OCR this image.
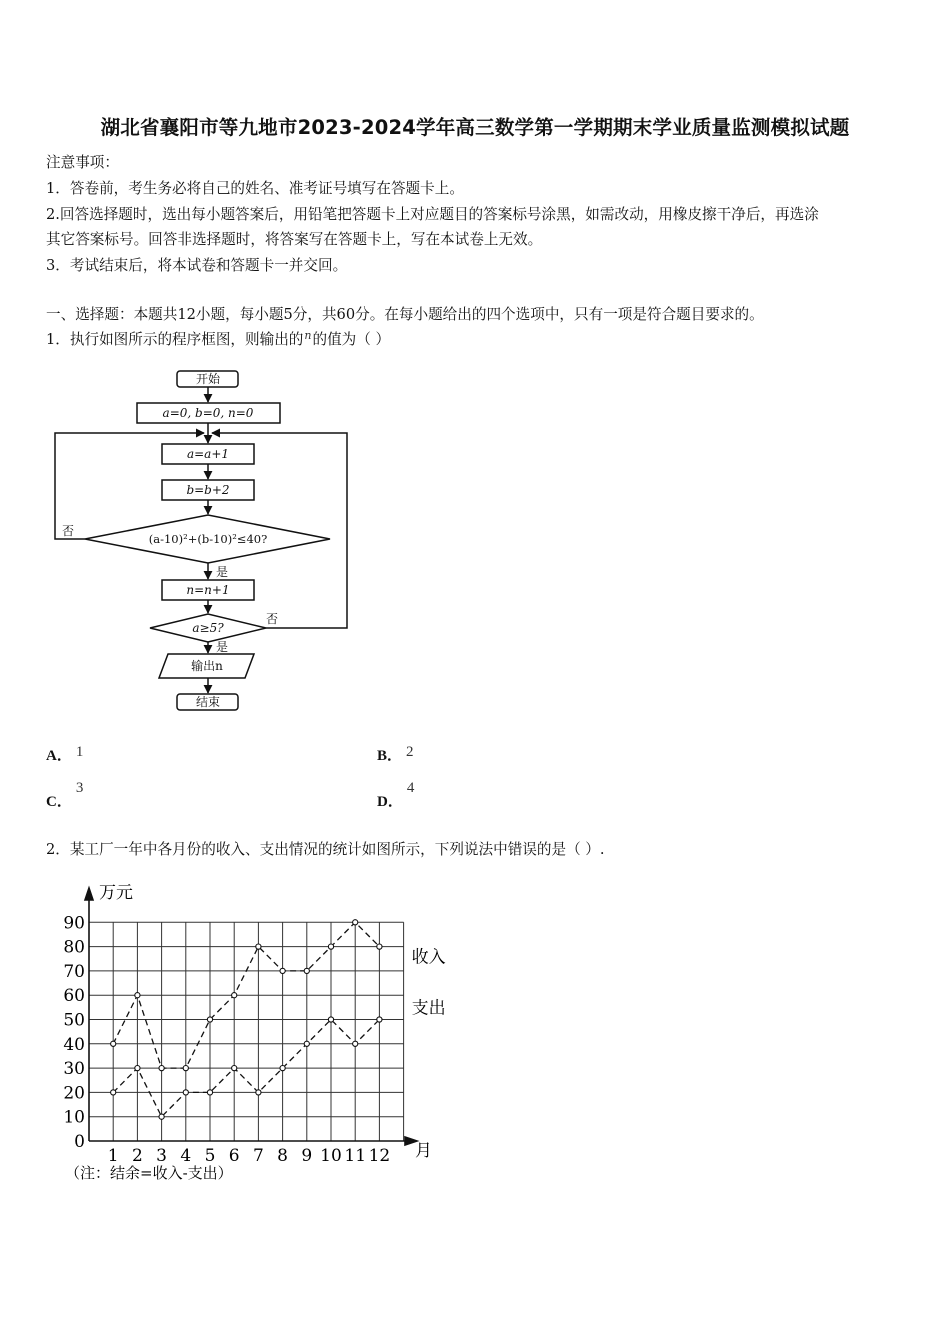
湖北省襄阳市等九地市2023-2024学年高三数学第一学期期末学业质量监测模拟试题
注意事项：
1．答卷前，考生务必将自己的姓名、准考证号填写在答题卡上。
2.回答选择题时，选出每小题答案后，用铅笔把答题卡上对应题目的答案标号涂黑，如需改动，用橡皮擦干净后，再选涂
其它答案标号。回答非选择题时，将答案写在答题卡上，写在本试卷上无效。
3．考试结束后，将本试卷和答题卡一并交回。
一、选择题：本题共12小题，每小题5分，共60分。在每小题给出的四个选项中，只有一项是符合题目要求的。
1．执行如图所示的程序框图，则输出的$^n$的值为（ ）
开始
a=0, b=0, n=0
a=a+1
b=b+2
(a-10)²+(b-10)²≤40?
否
是
n=n+1
a≥5?
否
是
输出n
结束
A． 1	B． 2
C．3
D．4
2．某工厂一年中各月份的收入、支出情况的统计如图所示，下列说法中错误的是（ ）.
万元
月
0
10
20
30
40
50
60
70
80
90
1 2 3 4 5 6 7 8 9 10 11 12
收入
支出
（注：结余=收入-支出）
